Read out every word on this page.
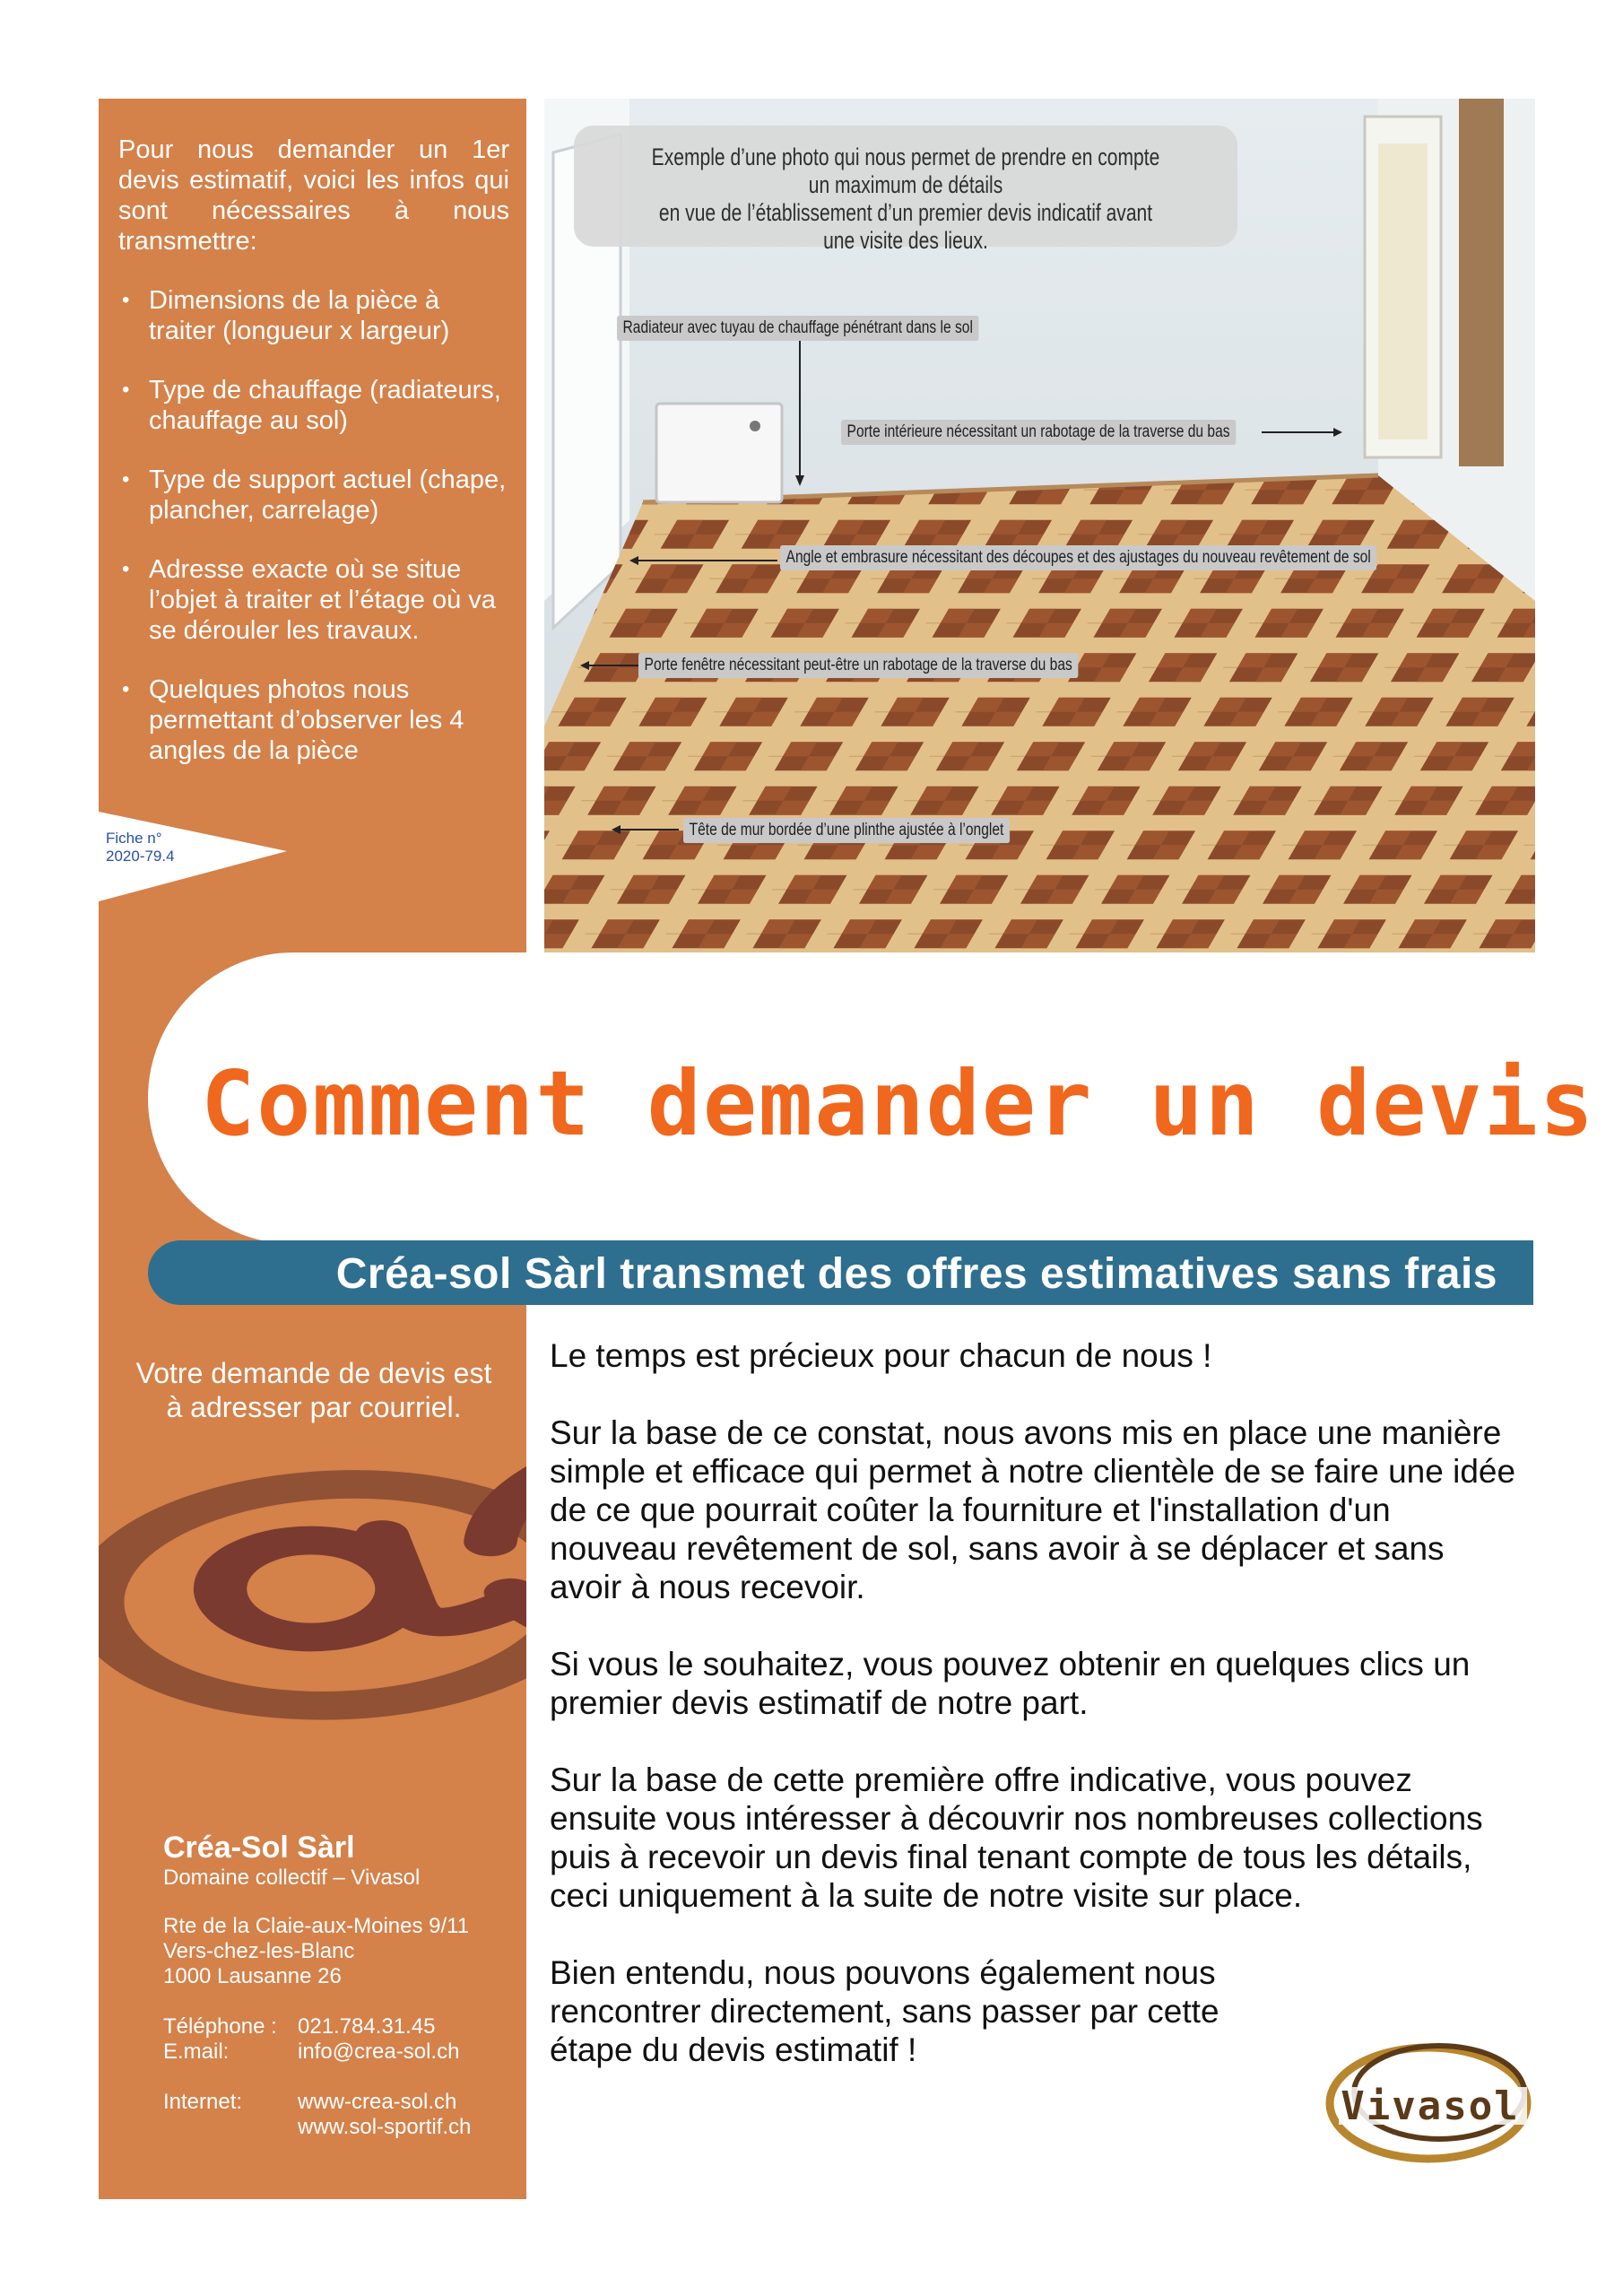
Pour nous demander un 1er devis estimatif, voici les infos qui sont nécessaires à nous transmettre:
• Dimensions de la pièce à traiter (longueur x largeur)
• Type de chauffage (radiateurs, chauffage au sol)
• Type de support actuel (chape, plancher, carrelage)
• Adresse exacte où se situe l’objet à traiter et l’étage où va se dérouler les travaux.
• Quelques photos nous permettant d’observer les 4 angles de la pièce
Fiche n°
2020-79.4
Exemple d’une photo qui nous permet de prendre en compte un maximum de détails
en vue de l’établissement d’un premier devis indicatif avant une visite des lieux.
Radiateur avec tuyau de chauffage pénétrant dans le sol
Porte intérieure nécessitant un rabotage de la traverse du bas
Angle et embrasure nécessitant des découpes et des ajustages du nouveau revêtement de sol
Porte fenêtre nécessitant peut-être un rabotage de la traverse du bas
Tête de mur bordée d’une plinthe ajustée à l’onglet
Comment demander un devis
Créa-sol Sàrl transmet des offres estimatives sans frais
Votre demande de devis est
à adresser par courriel.
Créa-Sol Sàrl
Domaine collectif – Vivasol
Rte de la Claie-aux-Moines 9/11
Vers-chez-les-Blanc
1000 Lausanne 26
Téléphone : 021.784.31.45
E.mail:	info@crea-sol.ch
Internet:	www-crea-sol.ch
www.sol-sportif.ch

Le temps est précieux pour chacun de nous !

Sur la base de ce constat, nous avons mis en place une manière simple et efficace qui permet à notre clientèle de se faire une idée de ce que pourrait coûter la fourniture et l'installation d'un nouveau revêtement de sol, sans avoir à se déplacer et sans avoir à nous recevoir.

Si vous le souhaitez, vous pouvez obtenir en quelques clics un premier devis estimatif de notre part.

Sur la base de cette première offre indicative, vous pouvez ensuite vous intéresser à découvrir nos nombreuses collections puis à recevoir un devis final tenant compte de tous les détails, ceci uniquement à la suite de notre visite sur place.

Bien entendu, nous pouvons également nous rencontrer directement, sans passer par cette étape du devis estimatif !

Vivasol
